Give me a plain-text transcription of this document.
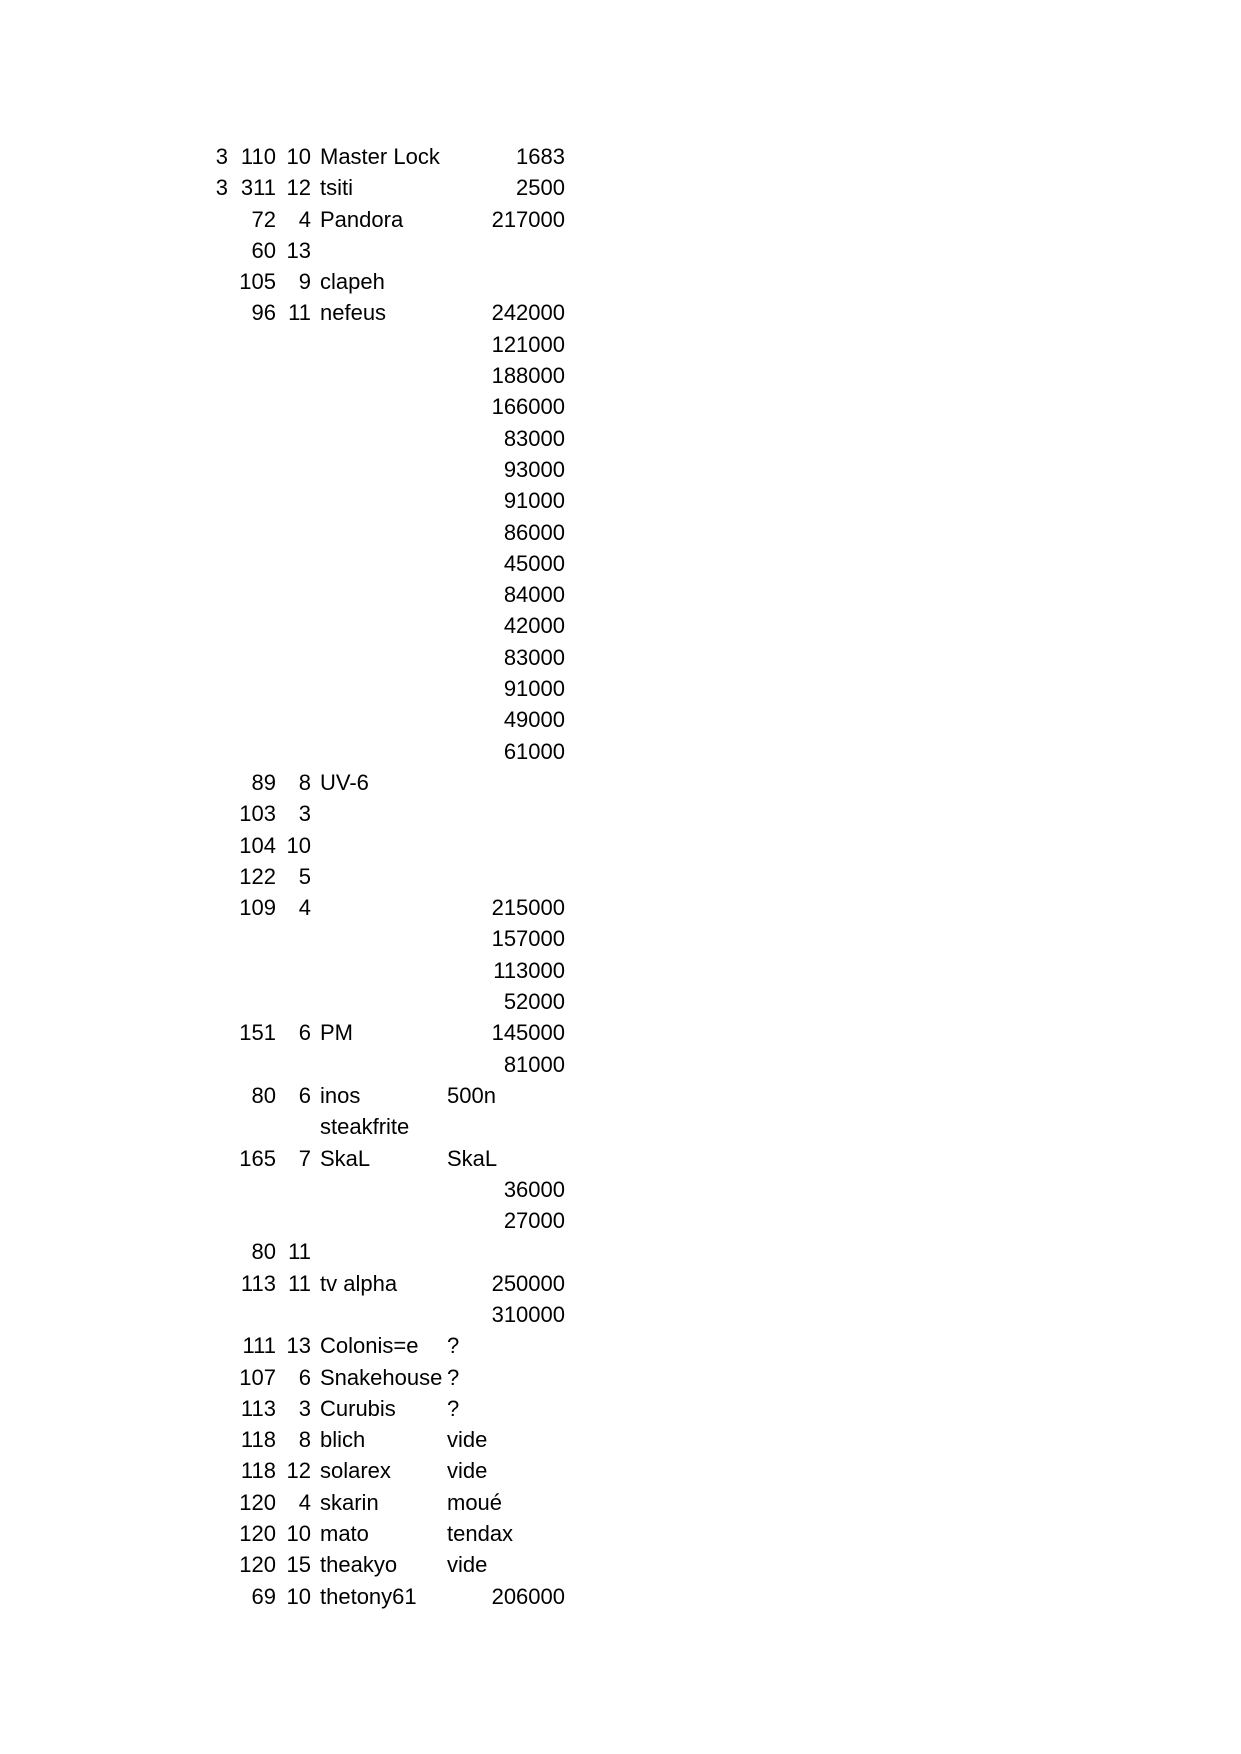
3 110 10 Master Lock	1683
3 311 12 tsiti	2500
72	4 Pandora	217000
60 13
105	9 clapeh
96 11 nefeus	242000
121000
188000
166000
83000
93000
91000
86000
45000
84000
42000
83000
91000
49000
61000
89	8 UV-6
103	3
104 10
122	5
109	4	215000
157000
113000
52000
151	6 PM	145000
81000
80	6 inos	500n
steakfrite
165	7 SkaL	SkaL
36000
27000
80 11
113 11 tv alpha	250000
310000
111 13 Colonis=e ?
107	6 Snakehouse ?
113	3 Curubis ?
118	8 blich	vide
118 12 solarex	vide
120	4 skarin	moué
120 10 mato	tendax
120 15 theakyo vide
69 10 thetony61	206000
